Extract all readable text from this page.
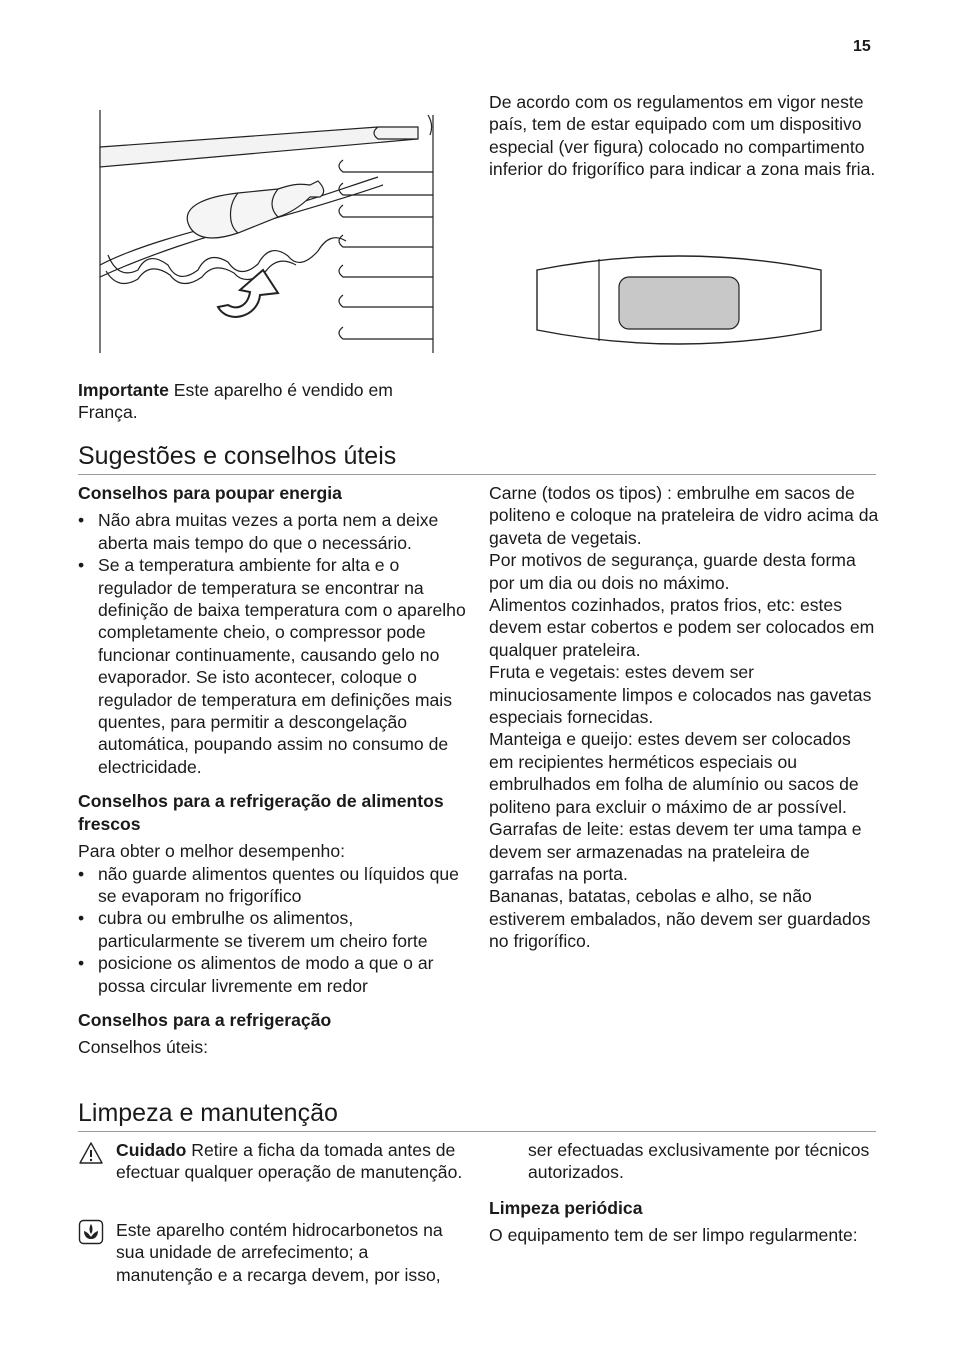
15

De acordo com os regulamentos em vigor neste país, tem de estar equipado com um dispositivo especial (ver figura) colocado no compartimento inferior do frigorífico para indicar a zona mais fria.

Importante Este aparelho é vendido em França.

Sugestões e conselhos úteis

Conselhos para poupar energia

• Não abra muitas vezes a porta nem a deixe aberta mais tempo do que o necessário.
• Se a temperatura ambiente for alta e o regulador de temperatura se encontrar na definição de baixa temperatura com o aparelho completamente cheio, o compressor pode funcionar continuamente, causando gelo no evaporador. Se isto acontecer, coloque o regulador de temperatura em definições mais quentes, para permitir a descongelação automática, poupando assim no consumo de electricidade.

Conselhos para a refrigeração de alimentos frescos

Para obter o melhor desempenho:

• não guarde alimentos quentes ou líquidos que se evaporam no frigorífico
• cubra ou embrulhe os alimentos, particularmente se tiverem um cheiro forte
• posicione os alimentos de modo a que o ar possa circular livremente em redor

Conselhos para a refrigeração

Conselhos úteis:

Carne (todos os tipos) : embrulhe em sacos de politeno e coloque na prateleira de vidro acima da gaveta de vegetais.

Por motivos de segurança, guarde desta forma por um dia ou dois no máximo.

Alimentos cozinhados, pratos frios, etc: estes devem estar cobertos e podem ser colocados em qualquer prateleira.

Fruta e vegetais: estes devem ser minuciosamente limpos e colocados nas gavetas especiais fornecidas.

Manteiga e queijo: estes devem ser colocados em recipientes herméticos especiais ou embrulhados em folha de alumínio ou sacos de politeno para excluir o máximo de ar possível.

Garrafas de leite: estas devem ter uma tampa e devem ser armazenadas na prateleira de garrafas na porta.

Bananas, batatas, cebolas e alho, se não estiverem embalados, não devem ser guardados no frigorífico.

Limpeza e manutenção

Cuidado Retire a ficha da tomada antes de efectuar qualquer operação de manutenção.

Este aparelho contém hidrocarbonetos na sua unidade de arrefecimento; a manutenção e a recarga devem, por isso,

ser efectuadas exclusivamente por técnicos autorizados.

Limpeza periódica

O equipamento tem de ser limpo regularmente:
